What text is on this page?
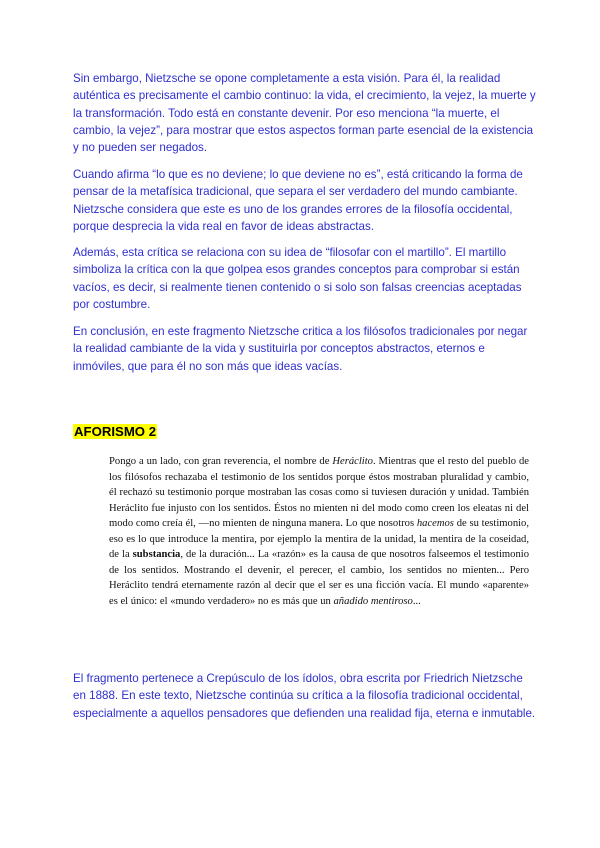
Sin embargo, Nietzsche se opone completamente a esta visión. Para él, la realidad auténtica es precisamente el cambio continuo: la vida, el crecimiento, la vejez, la muerte y la transformación. Todo está en constante devenir. Por eso menciona “la muerte, el cambio, la vejez”, para mostrar que estos aspectos forman parte esencial de la existencia y no pueden ser negados.

Cuando afirma “lo que es no deviene; lo que deviene no es”, está criticando la forma de pensar de la metafísica tradicional, que separa el ser verdadero del mundo cambiante. Nietzsche considera que este es uno de los grandes errores de la filosofía occidental, porque desprecia la vida real en favor de ideas abstractas.

Además, esta crítica se relaciona con su idea de “filosofar con el martillo”. El martillo simboliza la crítica con la que golpea esos grandes conceptos para comprobar si están vacíos, es decir, si realmente tienen contenido o si solo son falsas creencias aceptadas por costumbre.

En conclusión, en este fragmento Nietzsche critica a los filósofos tradicionales por negar la realidad cambiante de la vida y sustituirla por conceptos abstractos, eternos e inmóviles, que para él no son más que ideas vacías.

AFORISMO 2

Pongo a un lado, con gran reverencia, el nombre de Heráclito. Mientras que el resto del pueblo de los filósofos rechazaba el testimonio de los sentidos porque éstos mostraban pluralidad y cambio, él rechazó su testimonio porque mostraban las cosas como si tuviesen duración y unidad. También Heráclito fue injusto con los sentidos. Éstos no mienten ni del modo como creen los eleatas ni del modo como creía él, —no mienten de ninguna manera. Lo que nosotros hacemos de su testimonio, eso es lo que introduce la mentira, por ejemplo la mentira de la unidad, la mentira de la coseidad, de la substancia, de la duración... La «razón» es la causa de que nosotros falseemos el testimonio de los sentidos. Mostrando el devenir, el perecer, el cambio, los sentidos no mienten... Pero Heráclito tendrá eternamente razón al decir que el ser es una ficción vacía. El mundo «aparente» es el único: el «mundo verdadero» no es más que un añadido mentiroso...

El fragmento pertenece a Crepúsculo de los ídolos, obra escrita por Friedrich Nietzsche en 1888. En este texto, Nietzsche continúa su crítica a la filosofía tradicional occidental, especialmente a aquellos pensadores que defienden una realidad fija, eterna e inmutable.
